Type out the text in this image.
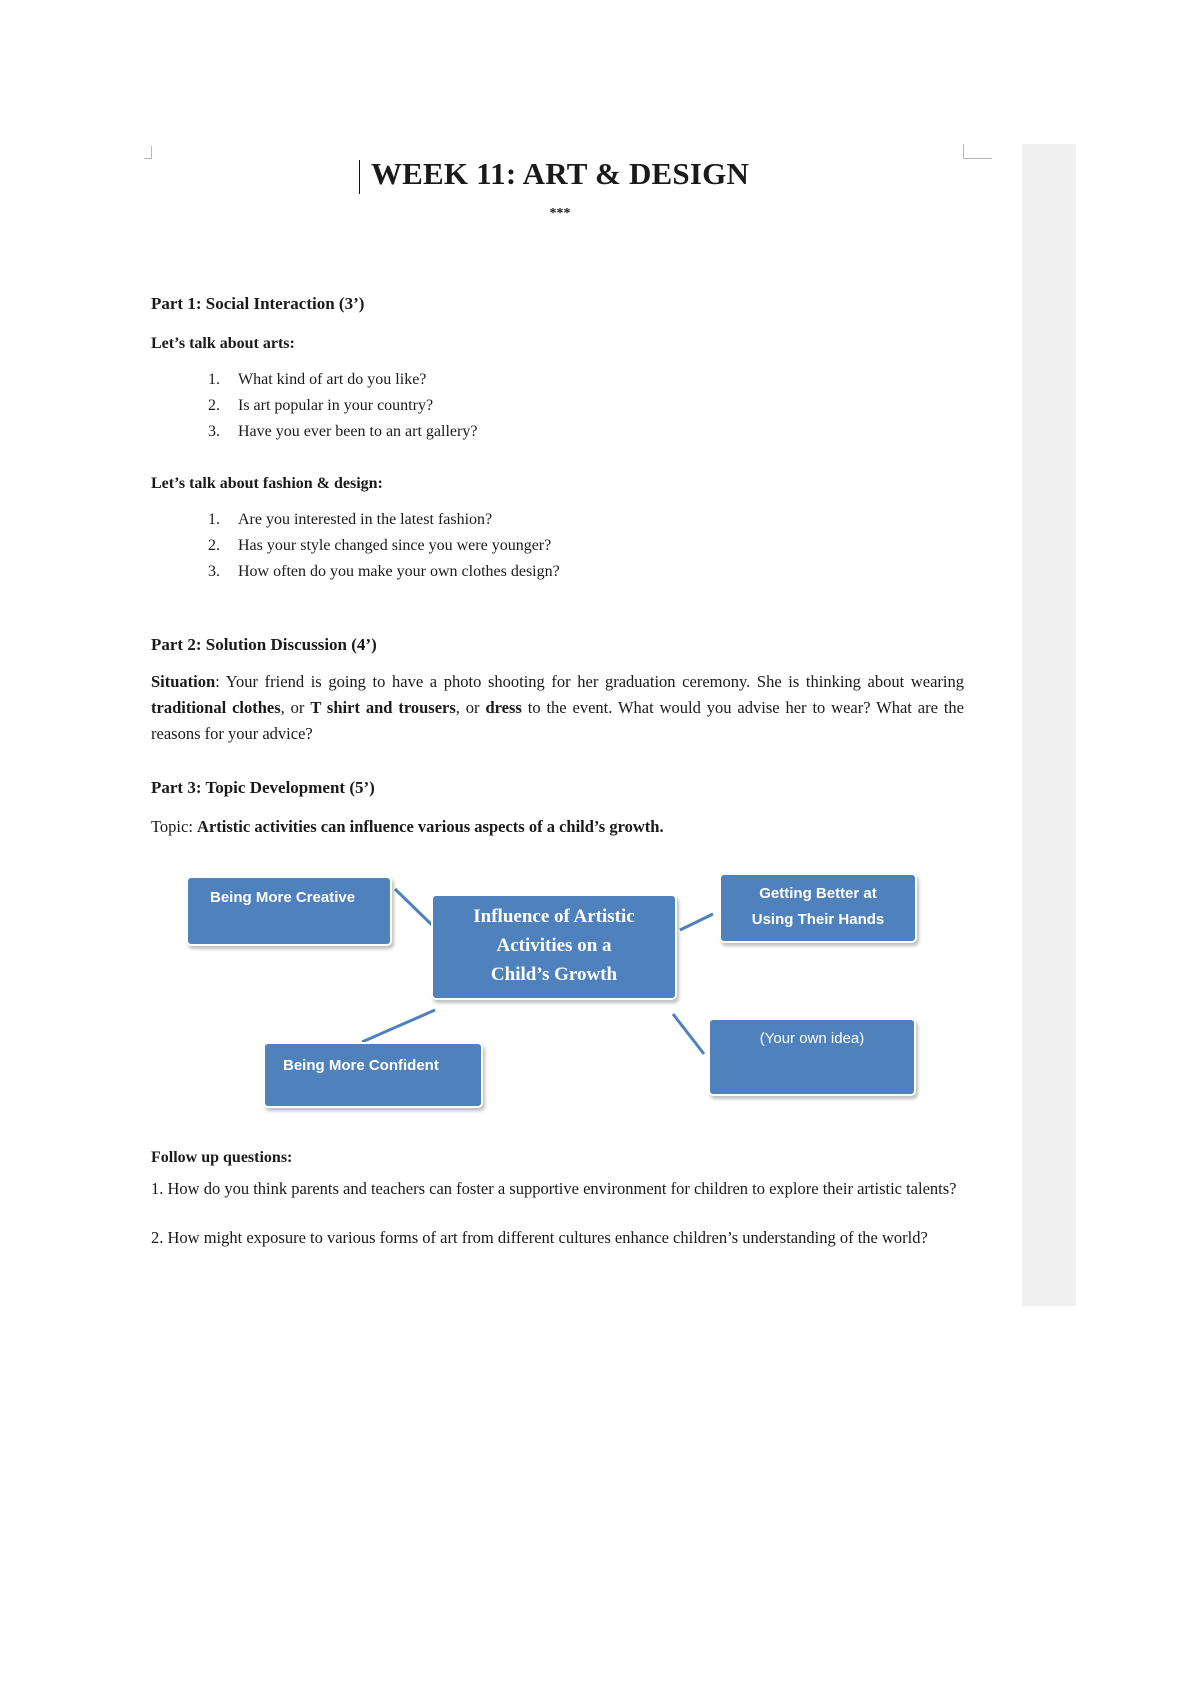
WEEK 11: ART & DESIGN
***
Part 1: Social Interaction (3’)
Let’s talk about arts:
1. What kind of art do you like?
2. Is art popular in your country?
3. Have you ever been to an art gallery?
Let’s talk about fashion & design:
1. Are you interested in the latest fashion?
2. Has your style changed since you were younger?
3. How often do you make your own clothes design?
Part 2: Solution Discussion (4’)
Situation: Your friend is going to have a photo shooting for her graduation ceremony. She is thinking about wearing traditional clothes, or T shirt and trousers, or dress to the event. What would you advise her to wear? What are the reasons for your advice?
Part 3: Topic Development (5’)
Topic: Artistic activities can influence various aspects of a child’s growth.
Being More Creative
Influence of Artistic
Activities on a
Child’s Growth
Getting Better at
Using Their Hands
Being More Confident
(Your own idea)
Follow up questions:
1. How do you think parents and teachers can foster a supportive environment for children to explore their artistic talents?
2. How might exposure to various forms of art from different cultures enhance children’s understanding of the world?
